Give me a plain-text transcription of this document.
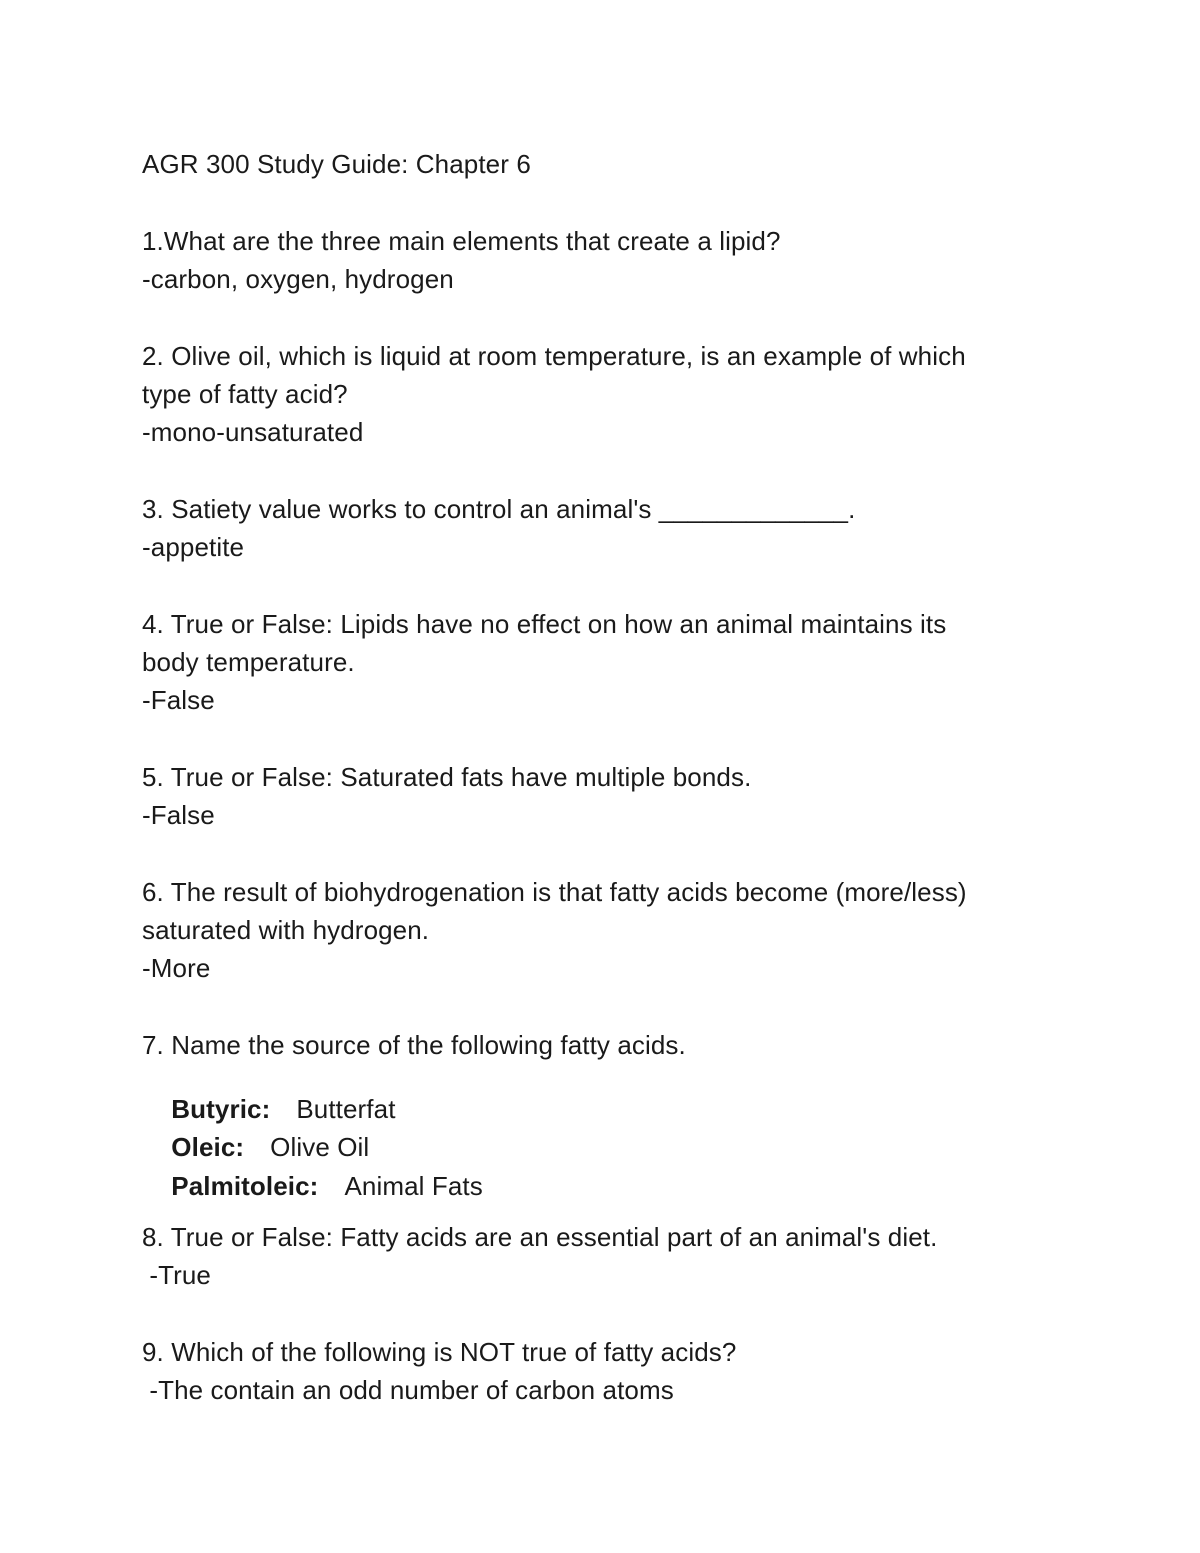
AGR 300 Study Guide: Chapter 6
1.What are the three main elements that create a lipid?
-carbon, oxygen, hydrogen
2. Olive oil, which is liquid at room temperature, is an example of which
type of fatty acid?
-mono-unsaturated
3. Satiety value works to control an animal's _____________.
-appetite
4. True or False: Lipids have no effect on how an animal maintains its
body temperature.
-False
5. True or False: Saturated fats have multiple bonds.
-False
6. The result of biohydrogenation is that fatty acids become (more/less)
saturated with hydrogen.
-More
7. Name the source of the following fatty acids.

Butyric: Butterfat

Oleic: Olive Oil

Palmitoleic: Animal Fats

8. True or False: Fatty acids are an essential part of an animal's diet.
-True
9. Which of the following is NOT true of fatty acids?
-The contain an odd number of carbon atoms
